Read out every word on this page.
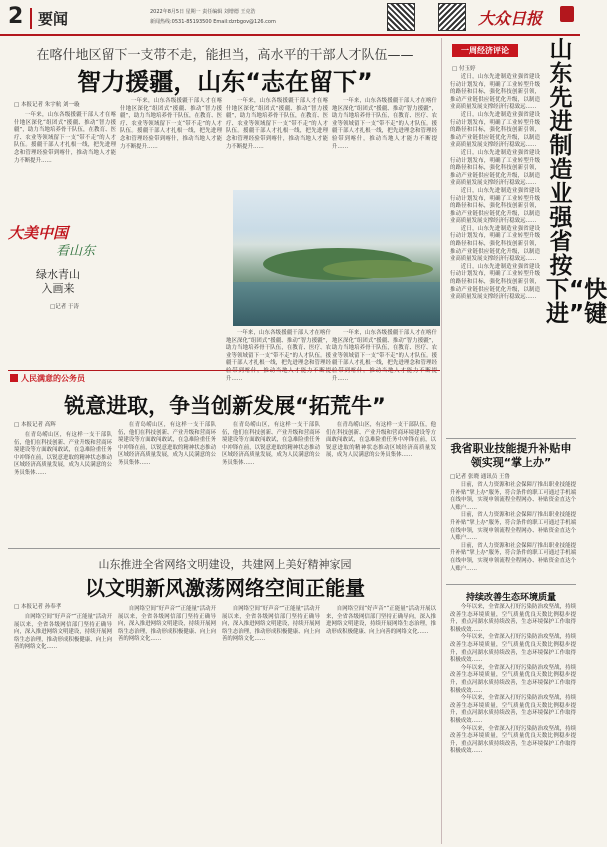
2 要闻	2022年8月5日 星期一 责任编辑 刘增德 王克浩
新闻热线:0531-85193500 Email:dzrbgov@126.com	大众日报
在喀什地区留下一支带不走，能担当，高水平的干部人才队伍——
智力援疆，山东“志在留下”
□ 本报记者 朱宇航 刘一璇

一年来，山东各级援疆干部人才在喀什地区深化“组团式”援疆、推动“智力援疆”，助力当地培养骨干队伍，在教育、医疗、农业等领域留下一支“带不走”的人才队伍。援疆干部人才扎根一线，把先进理念和管理经验带到喀什，推动当地人才能力不断提升……

一年来，山东各级援疆干部人才在喀什地区深化“组团式”援疆、推动“智力援疆”，助力当地培养骨干队伍，在教育、医疗、农业等领域留下一支“带不走”的人才队伍。援疆干部人才扎根一线，把先进理念和管理经验带到喀什，推动当地人才能力不断提升……

一年来，山东各级援疆干部人才在喀什地区深化“组团式”援疆、推动“智力援疆”，助力当地培养骨干队伍，在教育、医疗、农业等领域留下一支“带不走”的人才队伍。援疆干部人才扎根一线，把先进理念和管理经验带到喀什，推动当地人才能力不断提升……

一年来，山东各级援疆干部人才在喀什地区深化“组团式”援疆、推动“智力援疆”，助力当地培养骨干队伍，在教育、医疗、农业等领域留下一支“带不走”的人才队伍。援疆干部人才扎根一线，把先进理念和管理经验带到喀什，推动当地人才能力不断提升……

大美中国
看山东
绿水青山
入画来
□记者 于涛

一年来，山东各级援疆干部人才在喀什地区深化“组团式”援疆、推动“智力援疆”，助力当地培养骨干队伍，在教育、医疗、农业等领域留下一支“带不走”的人才队伍。援疆干部人才扎根一线，把先进理念和管理经 升……

一年来，山东各级援疆干部人才在喀什地区深化“组团式”援疆、推动“智力援疆”，助力当地培养骨干队伍，在教育、医疗、农业等领域留下一支“带不走”的人才队伍。援疆干部人才扎根一线，把先进理念和管理经 升……

人民满意的公务员
锐意进取，争当创新发展“拓荒牛”
□ 本报记者 高辉

在青岛崂山区，有这样一支干部队伍，他们在科技创新、产业升级和营商环境建设等方面敢闯敢试，在急难险重任务中冲锋在前，以锐意进取的精神状态推动区域经济高质量发展，成为人民满意的公务员集体……

在青岛崂山区，有这样一支干部队伍，他们在科技创新、产业升级和营商环境建设等方面敢闯敢试，在急难险重任务中冲锋在前，以锐意进取的精神状态推动区域经济高质量发展，成为人民满意的公务员集体……

在青岛崂山区，有这样一支干部队伍，他们在科技创新、产业升级和营商环境建设等方面敢闯敢试，在急难险重任务中冲锋在前，以锐意进取的精神状态推动区域经济高质量发展，成为人民满意的公务员集体……

在青岛崂山区，有这样一支干部队伍，他们在科技创新、产业升级和营商环境建设等方面敢闯敢试，在急难险重任务中冲锋在前，以锐意进取的精神状态推动区域经济高质量发展，成为人民满意的公务员集体……

山东推进全省网络文明建设，共建网上美好精神家园
以文明新风激荡网络空间正能量
□ 本报记者 孙奉孝

自网络空间“好声音”“正能量”活动开展以来，全省各级网信部门坚持正确导向，深入推进网络文明建设，持续开展网络生态治理，推动形成积极健康、向上向善的网络文化……

自网络空间“好声音”“正能量”活动开展以来，全省各级网信部门坚持正确导向，深入推进网络文明建设，持续开展网络生态治理，推动形成积极健康、向上向善的网络文化……

自网络空间“好声音”“正能量”活动开展以来，全省各级网信部门坚持正确导向，深入推进网络文明建设，持续开展网络生态治理，推动形成积极健康、向上向善的网络文化……

自网络空间“好声音”“正能量”活动开展以来，全省各级网信部门坚持正确导向，深入推进网络文明建设，持续开展网络生态治理，推动形成积极健康、向上向善的网络文化……

一周经济评论	山东先进制造业强省按下“快进”键
□ 付玉婷

近日，山东先进制造业强省建设行动计划发布，明确了工业转型升级的路径和目标，强化科技创新引领，推动产业链供应链优化升级，以制造业高质量发展支撑经济行稳致远……

近日，山东先进制造业强省建设行动计划发布，明确了工业转型升级的路径和目标，强化科技创新引领，推动产业链供应链优化升级，以制造业高质量发展支撑经济行稳致远……

近日，山东先进制造业强省建设行动计划发布，明确了工业转型升级的路径和目标，强化科技创新引领，推动产业链供应链优化升级，以制造业高质量发展支撑经济行稳致远……

近日，山东先进制造业强省建设行动计划发布，明确了工业转型升级的路径和目标，强化科技创新引领，推动产业链供应链优化升级，以制造业高质量发展支撑经济行稳致远……

近日，山东先进制造业强省建设行动计划发布，明确了工业转型升级的路径和目标，强化科技创新引领，推动产业链供应链优化升级，以制造业高质量发展支撑经济行稳致远……

近日，山东先进制造业强省建设行动计划发布，明确了工业转型升级的路径和目标，强化科技创新引领，推动产业链供应链优化升级，以制造业高质量发展支撑经济行稳致远……

我省职业技能提升补贴申领实现“掌上办”
□记者 张晓 通讯员 王鲁

日前，省人力资源和社会保障厅推出职业技能提升补贴“掌上办”服务，符合条件的职工可通过手机端在线申领，实现申领流程全程网办、补贴资金直达个人账户……

日前，省人力资源和社会保障厅推出职业技能提升补贴“掌上办”服务，符合条件的职工可通过手机端在线申领，实现申领流程全程网办、补贴资金直达个人账户……

日前，省人力资源和社会保障厅推出职业技能提升补贴“掌上办”服务，符合条件的职工可通过手机端在线申领，实现申领流程全程网办、补贴资金直达个人账户……

持续改善生态环境质量

今年以来，全省深入打好污染防治攻坚战，持续改善生态环境质量，空气质量优良天数比例稳步提升，重点河湖水质持续改善，生态环境保护工作取得积极成效……

今年以来，全省深入打好污染防治攻坚战，持续改善生态环境质量，空气质量优良天数比例稳步提升，重点河湖水质持续改善，生态环境保护工作取得积极成效……

今年以来，全省深入打好污染防治攻坚战，持续改善生态环境质量，空气质量优良天数比例稳步提升，重点河湖水质持续改善，生态环境保护工作取得积极成效……

今年以来，全省深入打好污染防治攻坚战，持续改善生态环境质量，空气质量优良天数比例稳步提升，重点河湖水质持续改善，生态环境保护工作取得积极成效……

今年以来，全省深入打好污染防治攻坚战，持续改善生态环境质量，空气质量优良天数比例稳步提升，重点河湖水质持续改善，生态环境保护工作取得积极成效……
